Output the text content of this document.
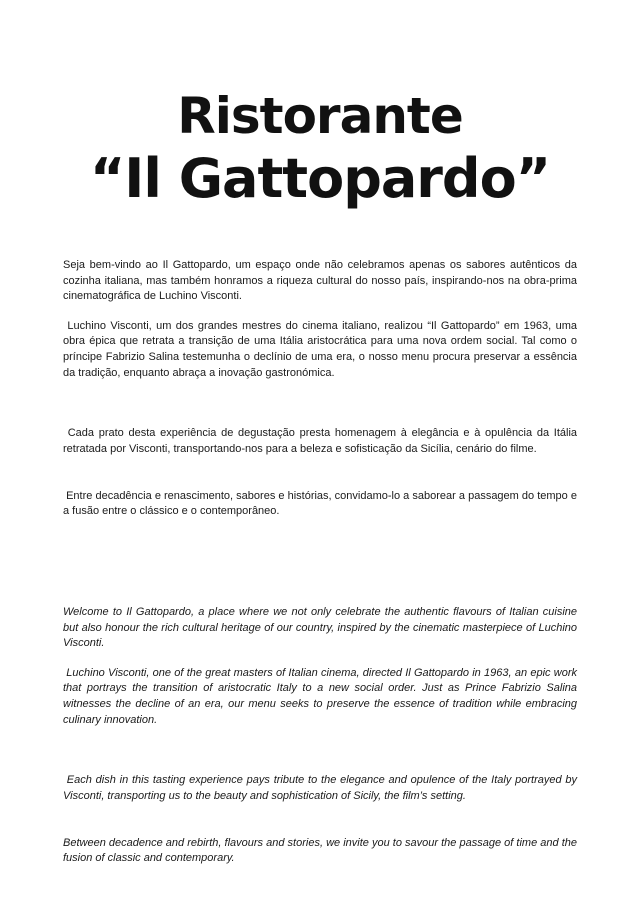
Ristorante
“Il Gattopardo”

Seja bem-vindo ao Il Gattopardo, um espaço onde não celebramos apenas os sabores autênticos da cozinha italiana, mas também honramos a riqueza cultural do nosso país, inspirando-nos na obra-prima cinematográfica de Luchino Visconti.

Luchino Visconti, um dos grandes mestres do cinema italiano, realizou “Il Gattopardo” em 1963, uma obra épica que retrata a transição de uma Itália aristocrática para uma nova ordem social. Tal como o príncipe Fabrizio Salina testemunha o declínio de uma era, o nosso menu procura preservar a essência da tradição, enquanto abraça a inovação gastronómica.

Cada prato desta experiência de degustação presta homenagem à elegância e à opulência da Itália retratada por Visconti, transportando-nos para a beleza e sofisticação da Sicília, cenário do filme.

Entre decadência e renascimento, sabores e histórias, convidamo-lo a saborear a passagem do tempo e a fusão entre o clássico e o contemporâneo.

Welcome to Il Gattopardo, a place where we not only celebrate the authentic flavours of Italian cuisine but also honour the rich cultural heritage of our country, inspired by the cinematic masterpiece of Luchino Visconti.

Luchino Visconti, one of the great masters of Italian cinema, directed Il Gattopardo in 1963, an epic work that portrays the transition of aristocratic Italy to a new social order. Just as Prince Fabrizio Salina witnesses the decline of an era, our menu seeks to preserve the essence of tradition while embracing culinary innovation.

Each dish in this tasting experience pays tribute to the elegance and opulence of the Italy portrayed by Visconti, transporting us to the beauty and sophistication of Sicily, the film’s setting.

Between decadence and rebirth, flavours and stories, we invite you to savour the passage of time and the fusion of classic and contemporary.
